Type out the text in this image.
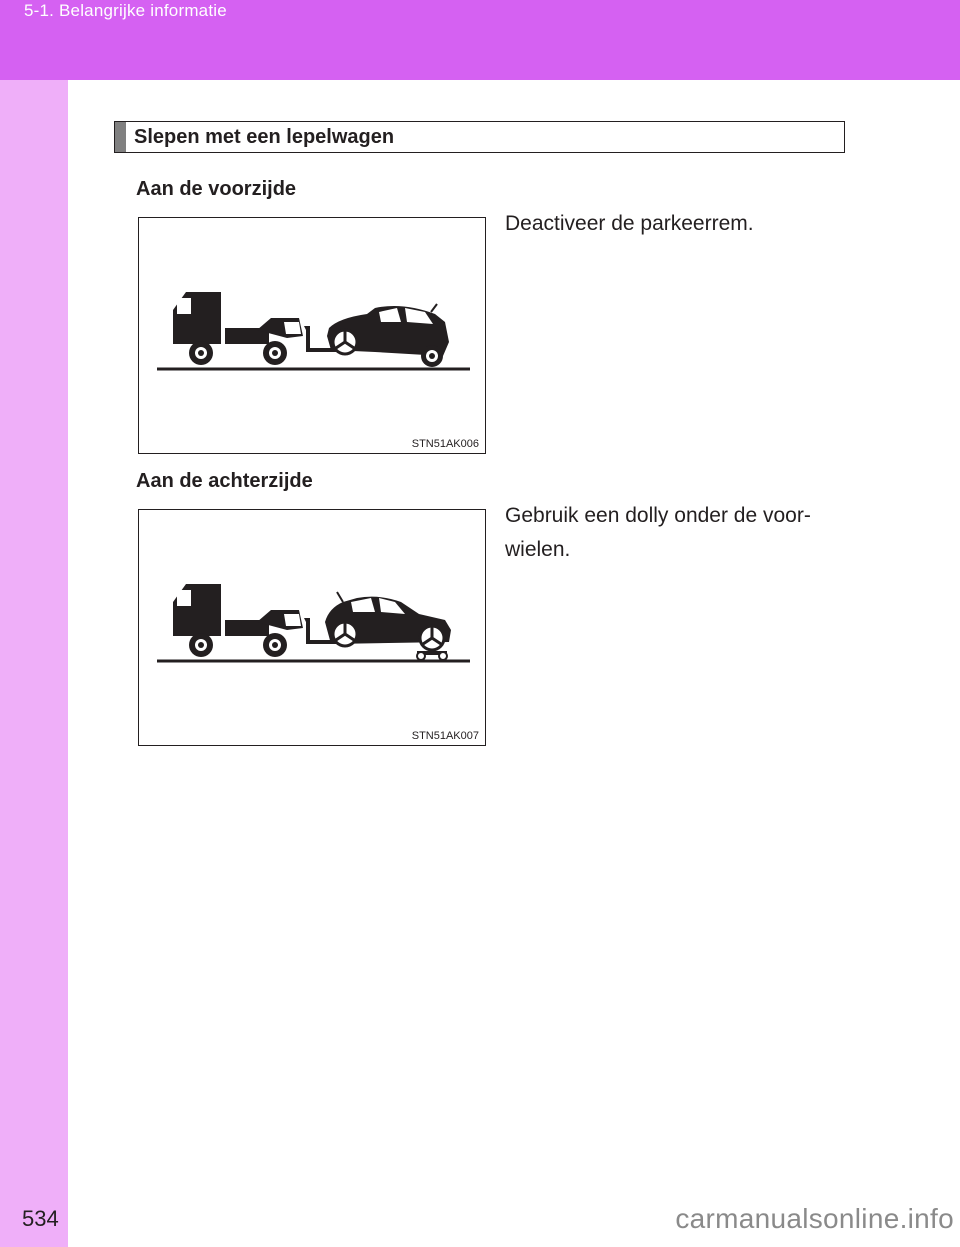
5-1. Belangrijke informatie
Slepen met een lepelwagen
Aan de voorzijde
STN51AK006
Deactiveer de parkeerrem.
Aan de achterzijde
STN51AK007
Gebruik een dolly onder de voor-
wielen.
534	carmanualsonline.info
